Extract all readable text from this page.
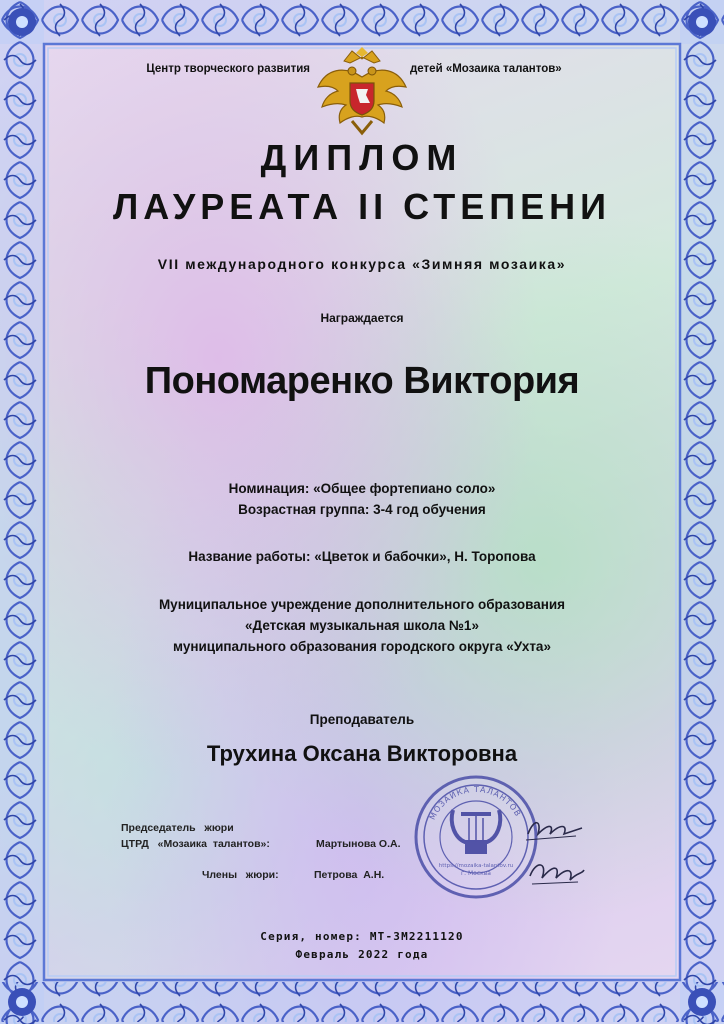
Центр творческого развития	детей «Мозаика талантов»
ДИПЛОМ
ЛАУРЕАТА II СТЕПЕНИ
VII международного конкурса «Зимняя мозаика»
Награждается
Пономаренко Виктория
Номинация: «Общее фортепиано соло»
Возрастная группа: 3-4 год обучения
Название работы: «Цветок и бабочки», Н. Торопова
Муниципальное учреждение дополнительного образования
«Детская музыкальная школа №1»
муниципального образования городского округа «Ухта»
Преподаватель
Трухина Оксана Викторовна
Председатель   жюри
ЦТРД   «Мозаика  талантов»:	Мартынова О.А.
Члены   жюри:	Петрова  А.Н.
МОЗАИКА ТАЛАНТОВ
https://mozaika-talantov.ru
г. Москва
Серия, номер: МТ-ЗМ2211120
Февраль 2022 года
